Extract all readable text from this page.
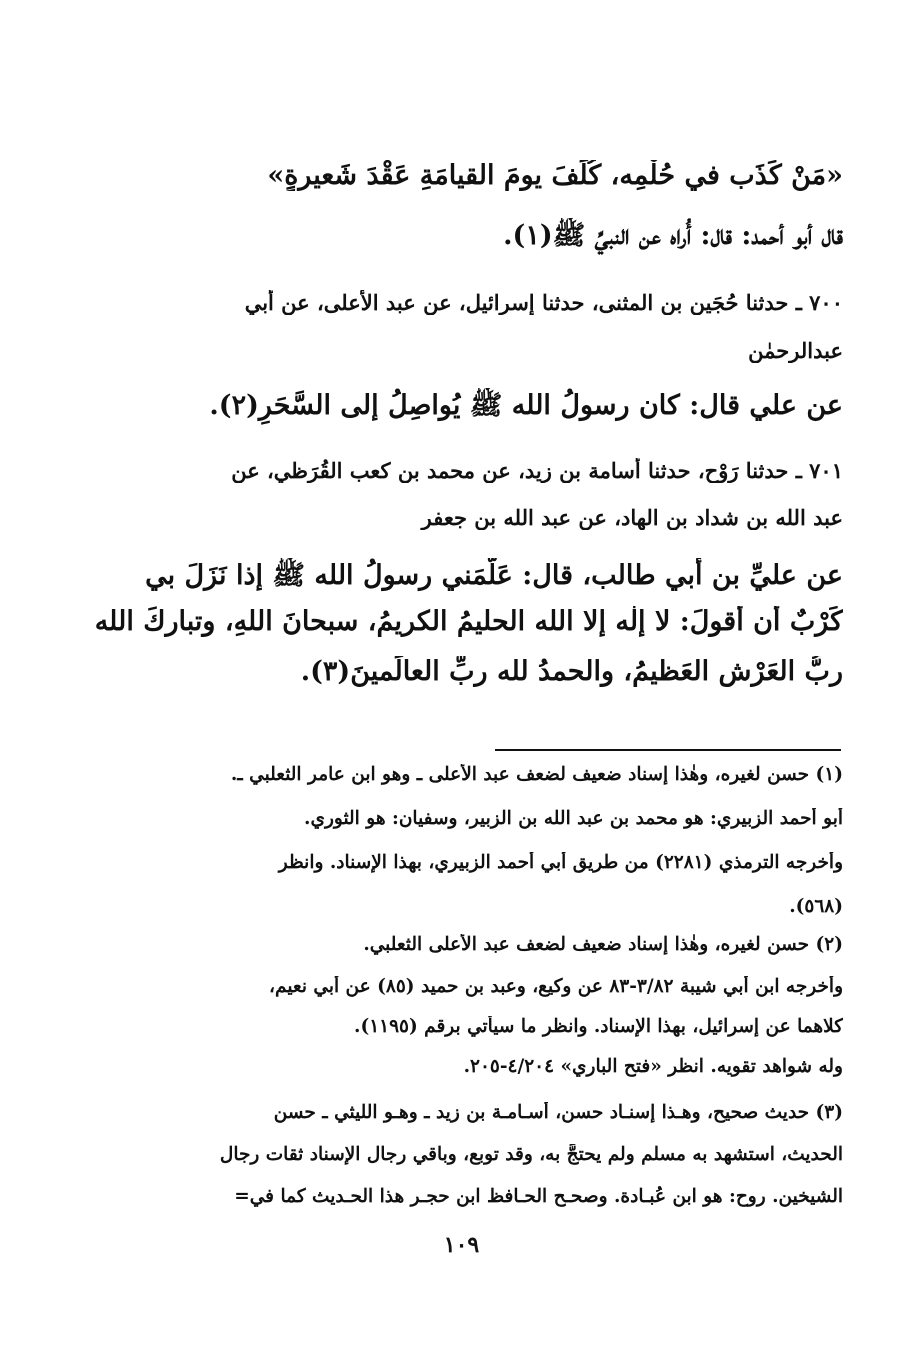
«مَنْ كَذَب في حُلْمِه، كُلِّفَ يومَ القيامَةِ عَقْدَ شَعيرةٍ»
قال أبو أحمد: قال: أُراه عن النبيِّ ﷺ(١).
٧٠٠ ـ حدثنا حُجَين بن المثنى، حدثنا إسرائيل، عن عبد الأعلى، عن أبي
عبدالرحمٰن
عن علي قال: كان رسولُ الله ﷺ يُواصِلُ إلى السَّحَرِ(٢).
٧٠١ ـ حدثنا رَوْح، حدثنا أُسامة بن زيد، عن محمد بن كعب القُرَظي، عن
عبد الله بن شداد بن الهاد، عن عبد الله بن جعفر
عن عليِّ بن أبي طالب، قال: عَلَّمَني رسولُ الله ﷺ إذا نَزَلَ بي
كَرْبٌ أن أقولَ: لا إلٰه إلا الله الحليمُ الكريمُ، سبحانَ اللهِ، وتباركَ الله
ربُّ العَرْشِ العَظيمُ، والحمدُ لله ربِّ العالَمينَ(٣).
(١) حسن لغيره، وهٰذا إسناد ضعيف لضعف عبد الأعلى ـ وهو ابن عامر الثعلبي ـ.
أبو أحمد الزبيري: هو محمد بن عبد الله بن الزبير، وسفيان: هو الثوري.
وأخرجه الترمذي (٢٢٨١) من طريق أبي أحمد الزبيري، بهذا الإسناد. وانظر
(٥٦٨).
(٢) حسن لغيره، وهٰذا إسناد ضعيف لضعف عبد الأعلى الثعلبي.
وأخرجه ابن أبي شيبة ٣/٨٢-٨٣ عن وكيع، وعبد بن حميد (٨٥) عن أبي نعيم،
كلاهما عن إسرائيل، بهذا الإسناد. وانظر ما سيأتي برقم (١١٩٥).
وله شواهد تقويه. انظر «فتح الباري» ٤/٢٠٤-٢٠٥.
(٣) حديث صحيح، وهـذا إسنـاد حسن، أسـامـة بن زيد ـ وهـو الليثي ـ حسن
الحديث، استشهد به مسلم ولم يحتجَّ به، وقد توبع، وباقي رجال الإسناد ثقات رجال
الشيخين. روح: هو ابن عُبـادة. وصحـح الحـافظ ابن حجـر هذا الحـديث كما في=
١٠٩
